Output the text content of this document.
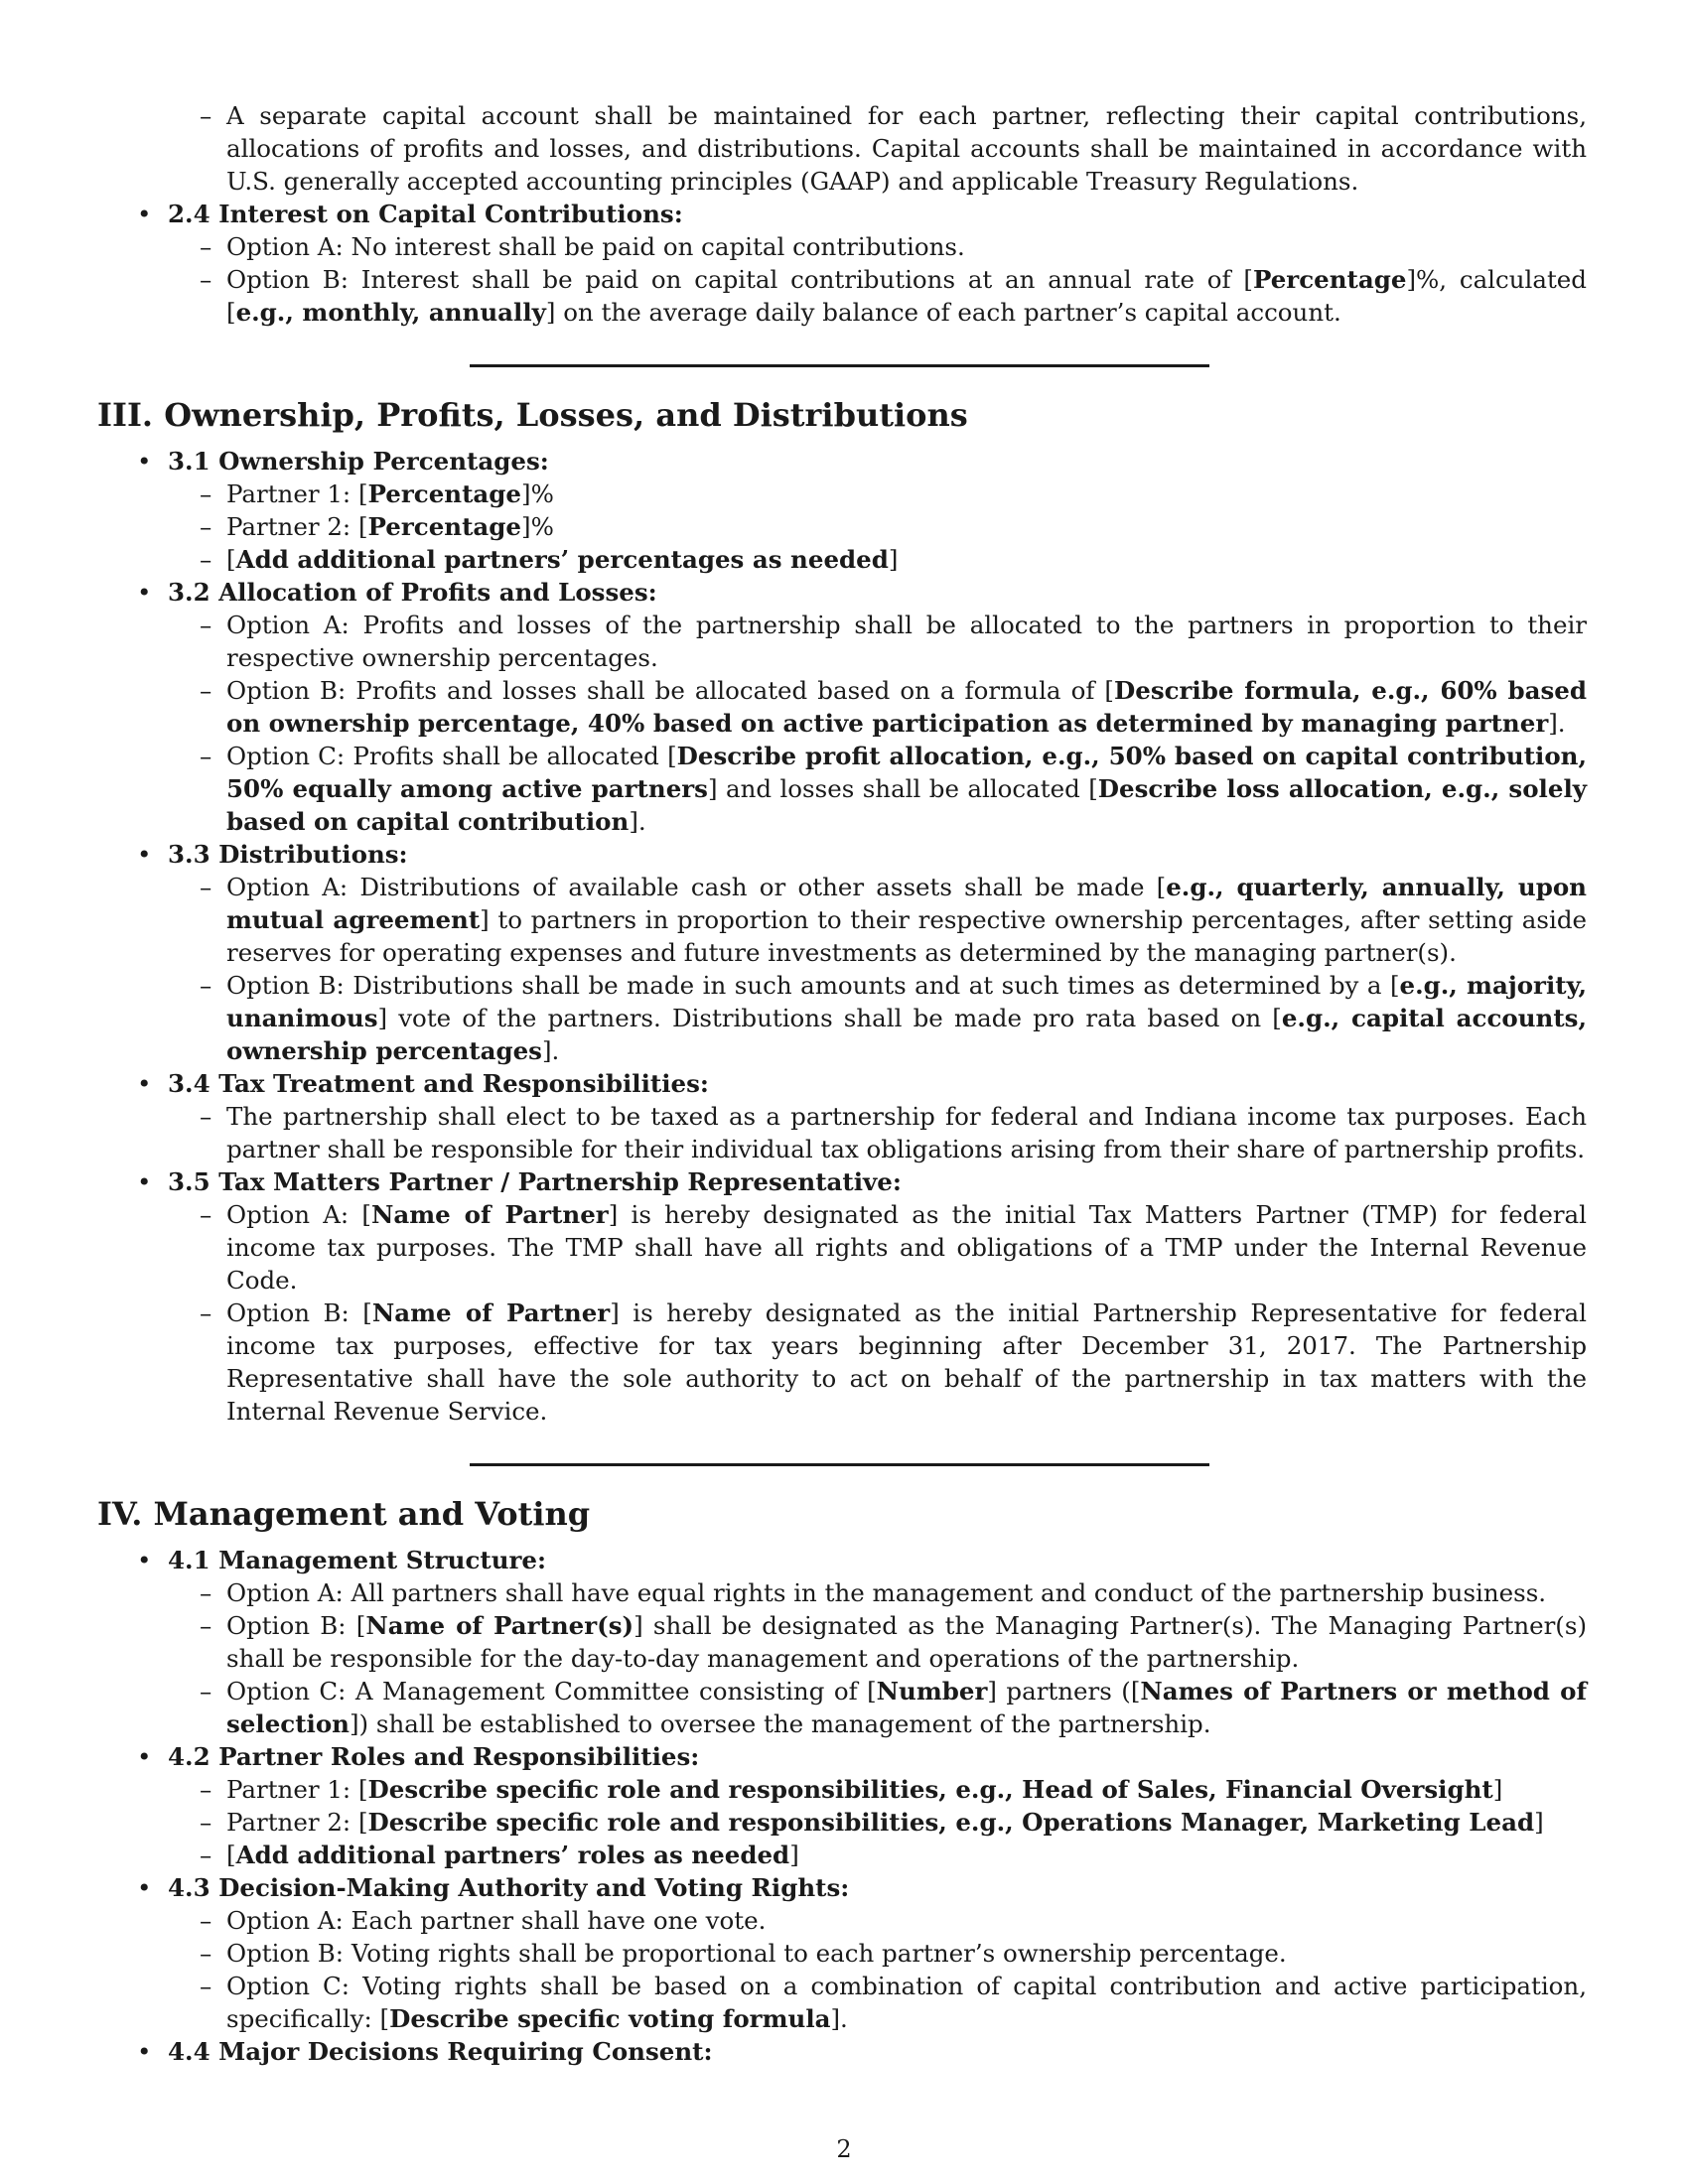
– A separate capital account shall be maintained for each partner, reflecting their capital contributions, allocations of profits and losses, and distributions. Capital accounts shall be maintained in accordance with U.S. generally accepted accounting principles (GAAP) and applicable Treasury Regulations.
• 2.4 Interest on Capital Contributions:
– Option A: No interest shall be paid on capital contributions.
– Option B: Interest shall be paid on capital contributions at an annual rate of [Percentage]%, calculated [e.g., monthly, annually] on the average daily balance of each partner’s capital account.
III. Ownership, Profits, Losses, and Distributions
• 3.1 Ownership Percentages:
– Partner 1: [Percentage]%
– Partner 2: [Percentage]%
– [Add additional partners’ percentages as needed]
• 3.2 Allocation of Profits and Losses:
– Option A: Profits and losses of the partnership shall be allocated to the partners in proportion to their respective ownership percentages.
– Option B: Profits and losses shall be allocated based on a formula of [Describe formula, e.g., 60% based on ownership percentage, 40% based on active participation as determined by managing partner].
– Option C: Profits shall be allocated [Describe profit allocation, e.g., 50% based on capital contribution, 50% equally among active partners] and losses shall be allocated [Describe loss allocation, e.g., solely based on capital contribution].
• 3.3 Distributions:
– Option A: Distributions of available cash or other assets shall be made [e.g., quarterly, annually, upon mutual agreement] to partners in proportion to their respective ownership percentages, after setting aside reserves for operating expenses and future investments as determined by the managing partner(s).
– Option B: Distributions shall be made in such amounts and at such times as determined by a [e.g., majority, unanimous] vote of the partners. Distributions shall be made pro rata based on [e.g., capital accounts, ownership percentages].
• 3.4 Tax Treatment and Responsibilities:
– The partnership shall elect to be taxed as a partnership for federal and Indiana income tax purposes. Each partner shall be responsible for their individual tax obligations arising from their share of partnership profits.
• 3.5 Tax Matters Partner / Partnership Representative:
– Option A: [Name of Partner] is hereby designated as the initial Tax Matters Partner (TMP) for federal income tax purposes. The TMP shall have all rights and obligations of a TMP under the Internal Revenue Code.
– Option B: [Name of Partner] is hereby designated as the initial Partnership Representative for federal income tax purposes, effective for tax years beginning after December 31, 2017. The Partnership Representative shall have the sole authority to act on behalf of the partnership in tax matters with the Internal Revenue Service.
IV. Management and Voting
• 4.1 Management Structure:
– Option A: All partners shall have equal rights in the management and conduct of the partnership business.
– Option B: [Name of Partner(s)] shall be designated as the Managing Partner(s). The Managing Partner(s) shall be responsible for the day-to-day management and operations of the partnership.
– Option C: A Management Committee consisting of [Number] partners ([Names of Partners or method of selection]) shall be established to oversee the management of the partnership.
• 4.2 Partner Roles and Responsibilities:
– Partner 1: [Describe specific role and responsibilities, e.g., Head of Sales, Financial Oversight]
– Partner 2: [Describe specific role and responsibilities, e.g., Operations Manager, Marketing Lead]
– [Add additional partners’ roles as needed]
• 4.3 Decision-Making Authority and Voting Rights:
– Option A: Each partner shall have one vote.
– Option B: Voting rights shall be proportional to each partner’s ownership percentage.
– Option C: Voting rights shall be based on a combination of capital contribution and active participation, specifically: [Describe specific voting formula].
• 4.4 Major Decisions Requiring Consent:
2
